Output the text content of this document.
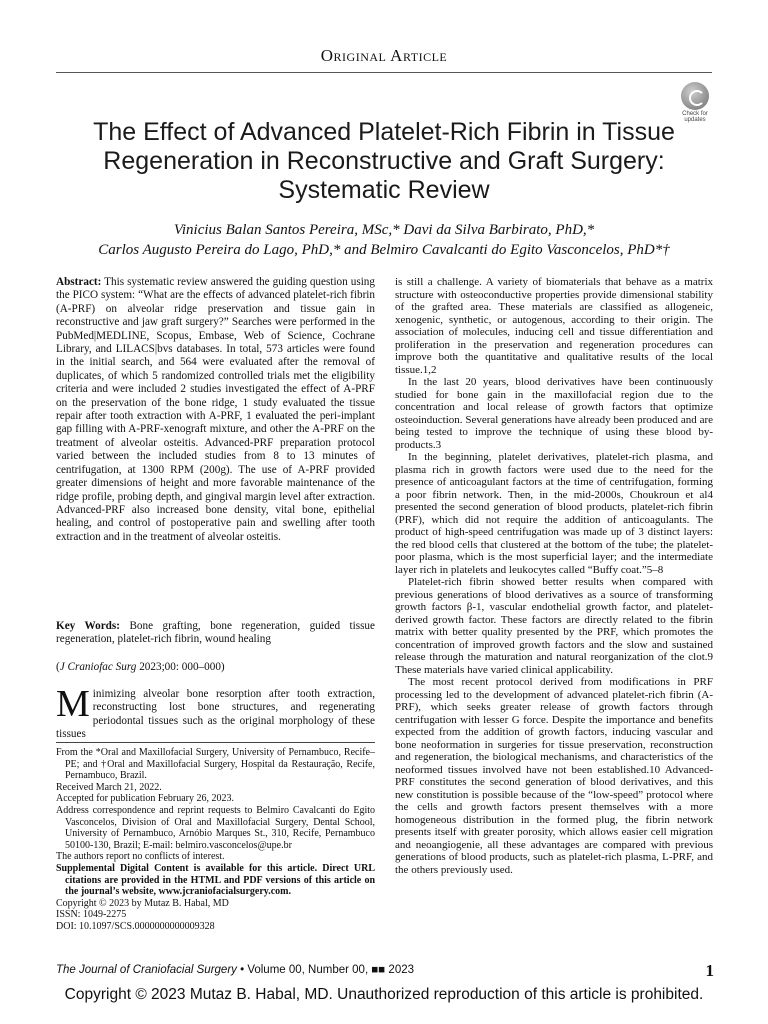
Original Article
Check for
updates
The Effect of Advanced Platelet-Rich Fibrin in Tissue Regeneration in Reconstructive and Graft Surgery: Systematic Review
Vinicius Balan Santos Pereira, MSc,* Davi da Silva Barbirato, PhD,*
Carlos Augusto Pereira do Lago, PhD,* and Belmiro Cavalcanti do Egito Vasconcelos, PhD*†

Abstract: This systematic review answered the guiding question using the PICO system: “What are the effects of advanced platelet-rich fibrin (A-PRF) on alveolar ridge preservation and tissue gain in reconstructive and jaw graft surgery?” Searches were performed in the PubMed|MEDLINE, Scopus, Embase, Web of Science, Cochrane Library, and LILACS|bvs databases. In total, 573 articles were found in the initial search, and 564 were evaluated after the removal of duplicates, of which 5 randomized controlled trials met the eligibility criteria and were included 2 studies investigated the effect of A-PRF on the preservation of the bone ridge, 1 study evaluated the tissue repair after tooth extraction with A-PRF, 1 evaluated the peri-implant gap filling with A-PRF-xenograft mixture, and other the A-PRF on the treatment of alveolar osteitis. Advanced-PRF preparation protocol varied between the included studies from 8 to 13 minutes of centrifugation, at 1300 RPM (200g). The use of A-PRF provided greater dimensions of height and more favorable maintenance of the ridge profile, probing depth, and gingival margin level after extraction. Advanced-PRF also increased bone density, vital bone, epithelial healing, and control of postoperative pain and swelling after tooth extraction and in the treatment of alveolar osteitis.

Key Words: Bone grafting, bone regeneration, guided tissue regeneration, platelet-rich fibrin, wound healing

(J Craniofac Surg 2023;00: 000–000)

Minimizing alveolar bone resorption after tooth extraction, reconstructing lost bone structures, and regenerating periodontal tissues such as the original morphology of these tissues

From the *Oral and Maxillofacial Surgery, University of Pernambuco, Recife–PE; and †Oral and Maxillofacial Surgery, Hospital da Restauração, Recife, Pernambuco, Brazil.

Received March 21, 2022.

Accepted for publication February 26, 2023.

Address correspondence and reprint requests to Belmiro Cavalcanti do Egito Vasconcelos, Division of Oral and Maxillofacial Surgery, Dental School, University of Pernambuco, Arnóbio Marques St., 310, Recife, Pernambuco 50100-130, Brazil; E-mail: belmiro.vasconcelos@upe.br

The authors report no conflicts of interest.

Supplemental Digital Content is available for this article. Direct URL citations are provided in the HTML and PDF versions of this article on the journal’s website, www.jcraniofacialsurgery.com.

Copyright © 2023 by Mutaz B. Habal, MD

ISSN: 1049-2275

DOI: 10.1097/SCS.0000000000009328

is still a challenge. A variety of biomaterials that behave as a matrix structure with osteoconductive properties provide dimensional stability of the grafted area. These materials are classified as allogeneic, xenogenic, synthetic, or autogenous, according to their origin. The association of molecules, inducing cell and tissue differentiation and proliferation in the preservation and regeneration procedures can improve both the quantitative and qualitative results of the local tissue.1,2

In the last 20 years, blood derivatives have been continuously studied for bone gain in the maxillofacial region due to the concentration and local release of growth factors that optimize osteoinduction. Several generations have already been produced and are being tested to improve the technique of using these blood by-products.3

In the beginning, platelet derivatives, platelet-rich plasma, and plasma rich in growth factors were used due to the need for the presence of anticoagulant factors at the time of centrifugation, forming a poor fibrin network. Then, in the mid-2000s, Choukroun et al4 presented the second generation of blood products, platelet-rich fibrin (PRF), which did not require the addition of anticoagulants. The product of high-speed centrifugation was made up of 3 distinct layers: the red blood cells that clustered at the bottom of the tube; the platelet-poor plasma, which is the most superficial layer; and the intermediate layer rich in platelets and leukocytes called “Buffy coat.”5–8

Platelet-rich fibrin showed better results when compared with previous generations of blood derivatives as a source of transforming growth factors β-1, vascular endothelial growth factor, and platelet-derived growth factor. These factors are directly related to the fibrin matrix with better quality presented by the PRF, which promotes the concentration of improved growth factors and the slow and sustained release through the maturation and natural reorganization of the clot.9 These materials have varied clinical applicability.

The most recent protocol derived from modifications in PRF processing led to the development of advanced platelet-rich fibrin (A-PRF), which seeks greater release of growth factors through centrifugation with lesser G force. Despite the importance and benefits expected from the addition of growth factors, inducing vascular and bone neoformation in surgeries for tissue preservation, reconstruction and regeneration, the biological mechanisms, and characteristics of the neoformed tissues involved have not been established.10 Advanced-PRF constitutes the second generation of blood derivatives, and this new constitution is possible because of the “low-speed” protocol where the cells and growth factors present themselves with a more homogeneous distribution in the formed plug, the fibrin network presents itself with greater porosity, which allows easier cell migration and neoangiogenie, all these advantages are compared with previous generations of blood products, such as platelet-rich plasma, L-PRF, and the others previously used.

The Journal of Craniofacial Surgery • Volume 00, Number 00, ■■ 2023	1
Copyright © 2023 Mutaz B. Habal, MD. Unauthorized reproduction of this article is prohibited.
